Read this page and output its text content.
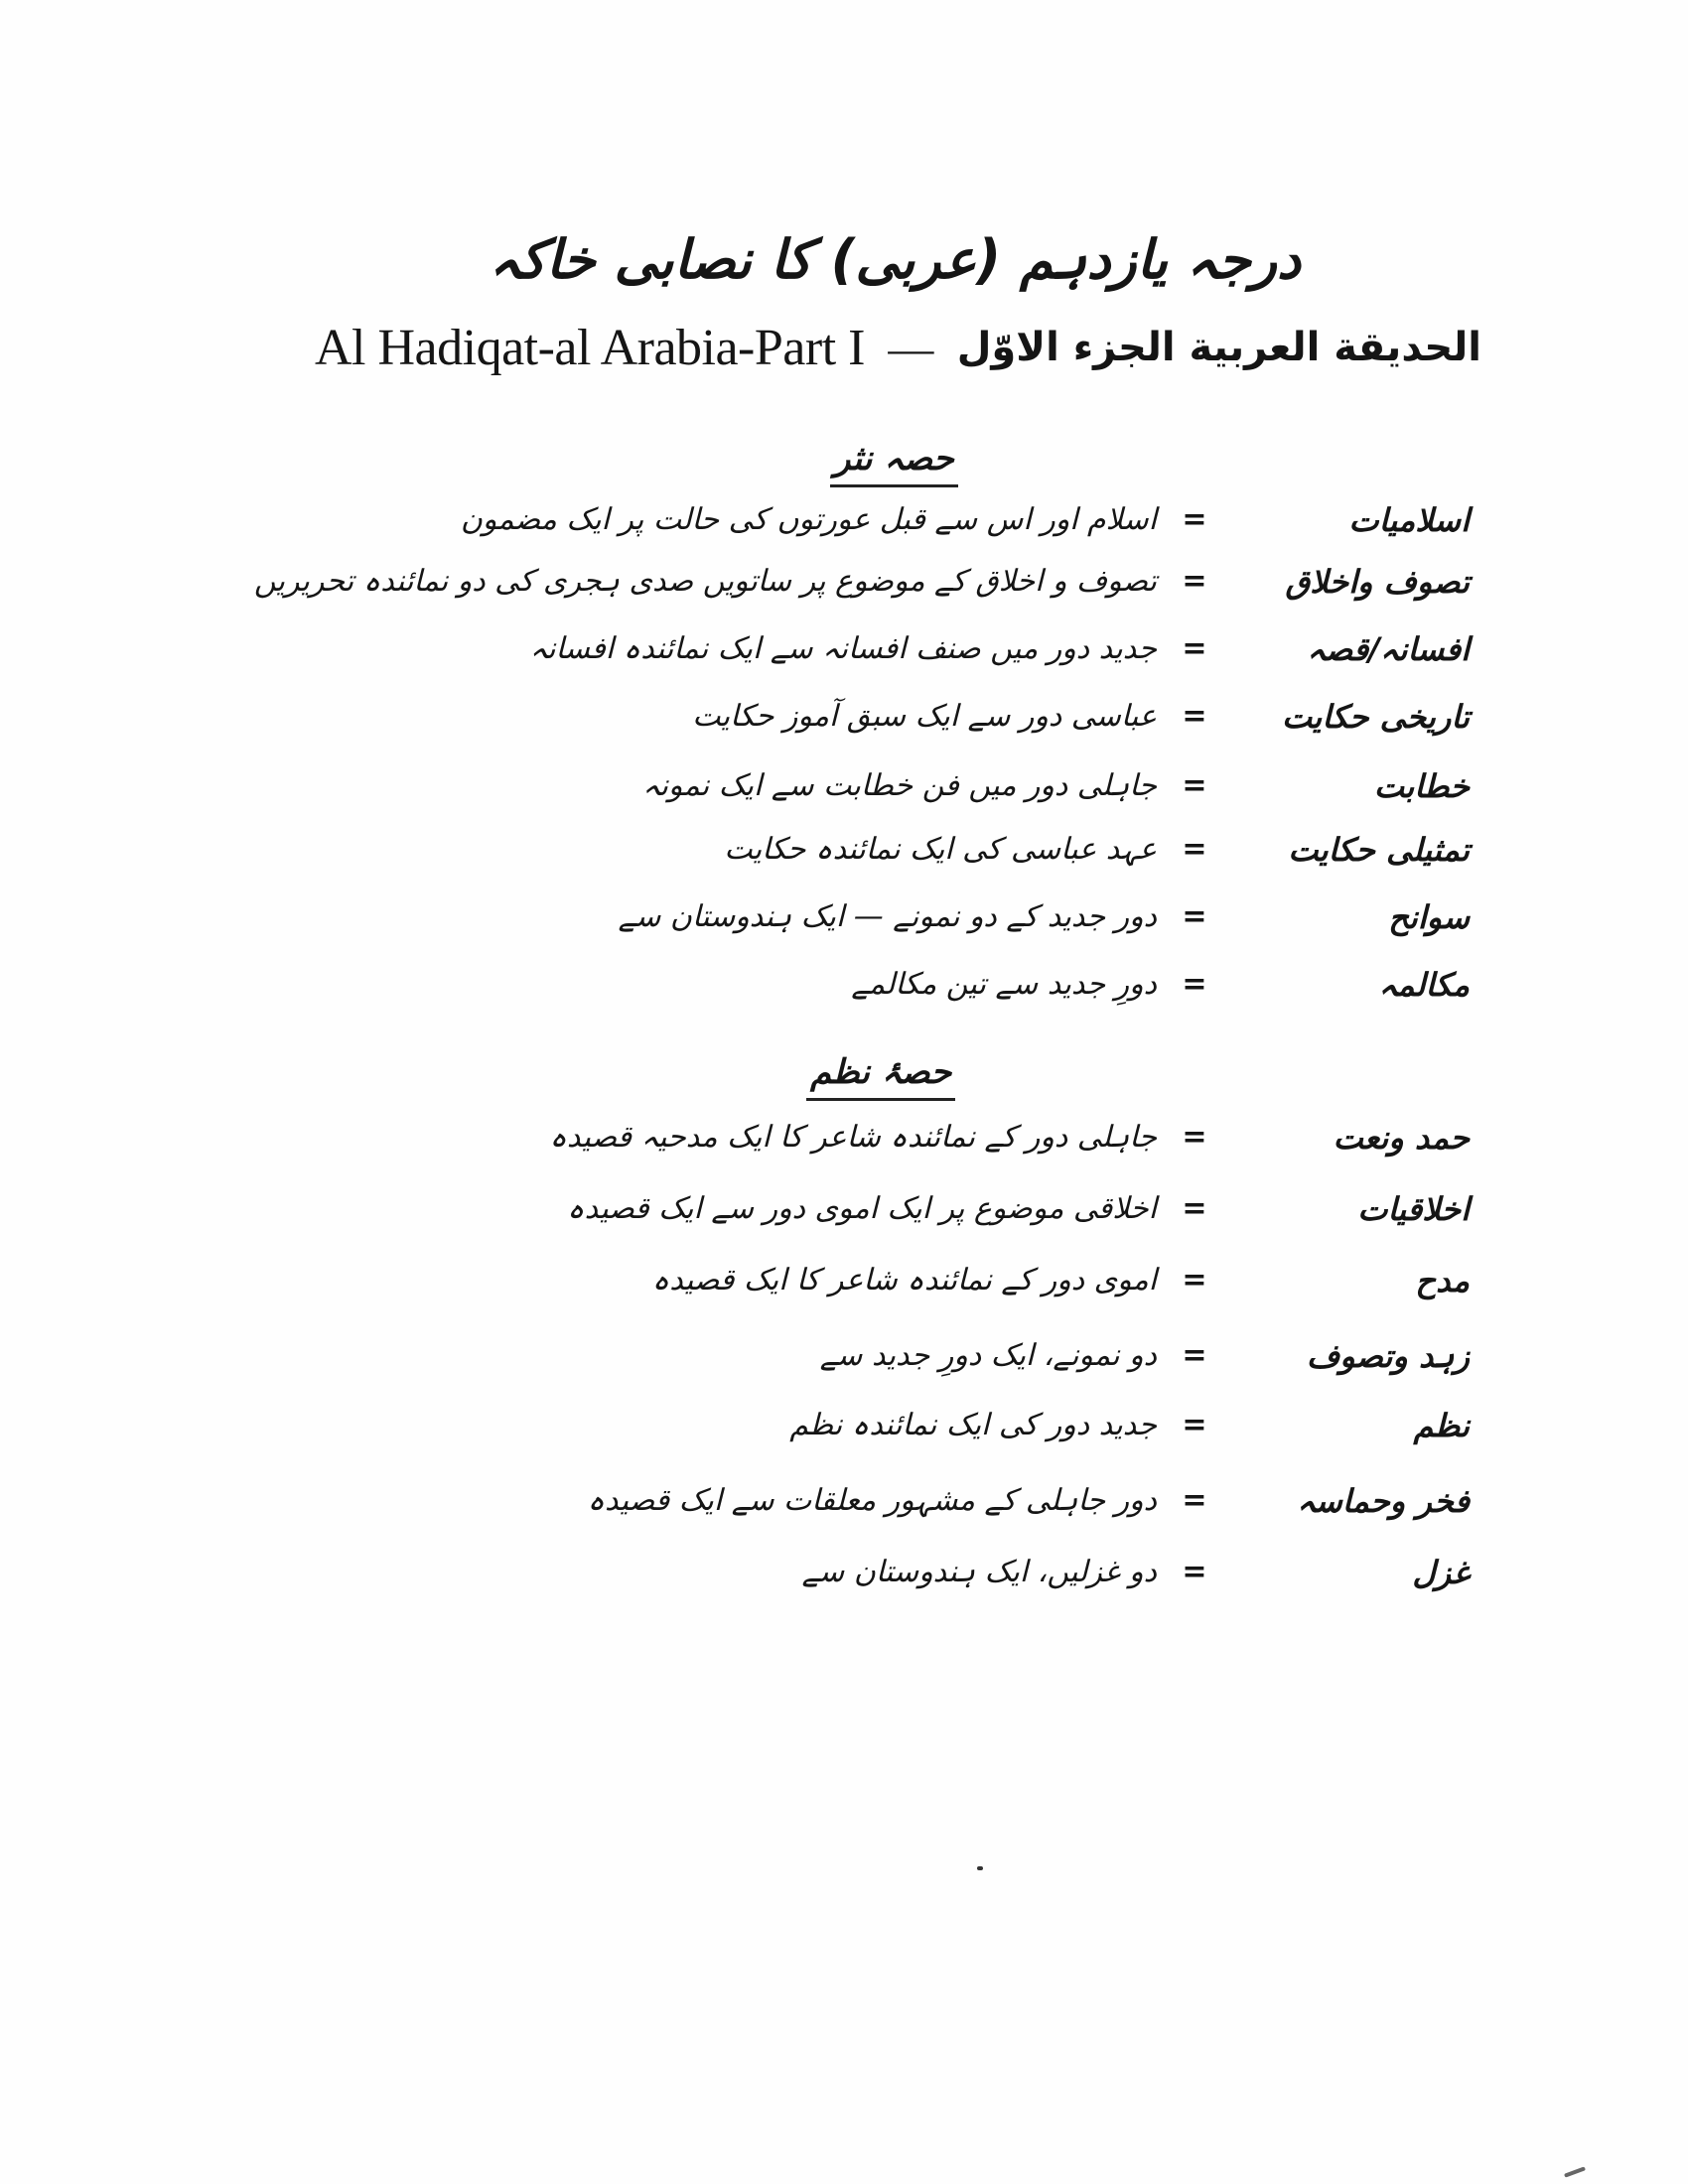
درجہ یازدہم (عربی) کا نصابی خاکہ
Al Hadiqat-al Arabia-Part I — الحديقة العربية الجزء الاوّل
حصہ نثر
اسلامیات
=
اسلام اور اس سے قبل عورتوں کی حالت پر ایک مضمون
تصوف واخلاق
=
تصوف و اخلاق کے موضوع پر ساتویں صدی ہجری کی دو نمائندہ تحریریں
افسانہ/قصہ
=
جدید دور میں صنف افسانہ سے ایک نمائندہ افسانہ
تاریخی حکایت
=
عباسی دور سے ایک سبق آموز حکایت
خطابت
=
جاہلی دور میں فن خطابت سے ایک نمونہ
تمثیلی حکایت
=
عہد عباسی کی ایک نمائندہ حکایت
سوانح
=
دور جدید کے دو نمونے — ایک ہندوستان سے
مکالمہ
=
دورِ جدید سے تین مکالمے
حصۂ نظم
حمد ونعت
=
جاہلی دور کے نمائندہ شاعر کا ایک مدحیہ قصیدہ
اخلاقیات
=
اخلاقی موضوع پر ایک اموی دور سے ایک قصیدہ
مدح
=
اموی دور کے نمائندہ شاعر کا ایک قصیدہ
زہد وتصوف
=
دو نمونے، ایک دورِ جدید سے
نظم
=
جدید دور کی ایک نمائندہ نظم
فخر وحماسہ
=
دور جاہلی کے مشہور معلقات سے ایک قصیدہ
غزل
=
دو غزلیں، ایک ہندوستان سے
